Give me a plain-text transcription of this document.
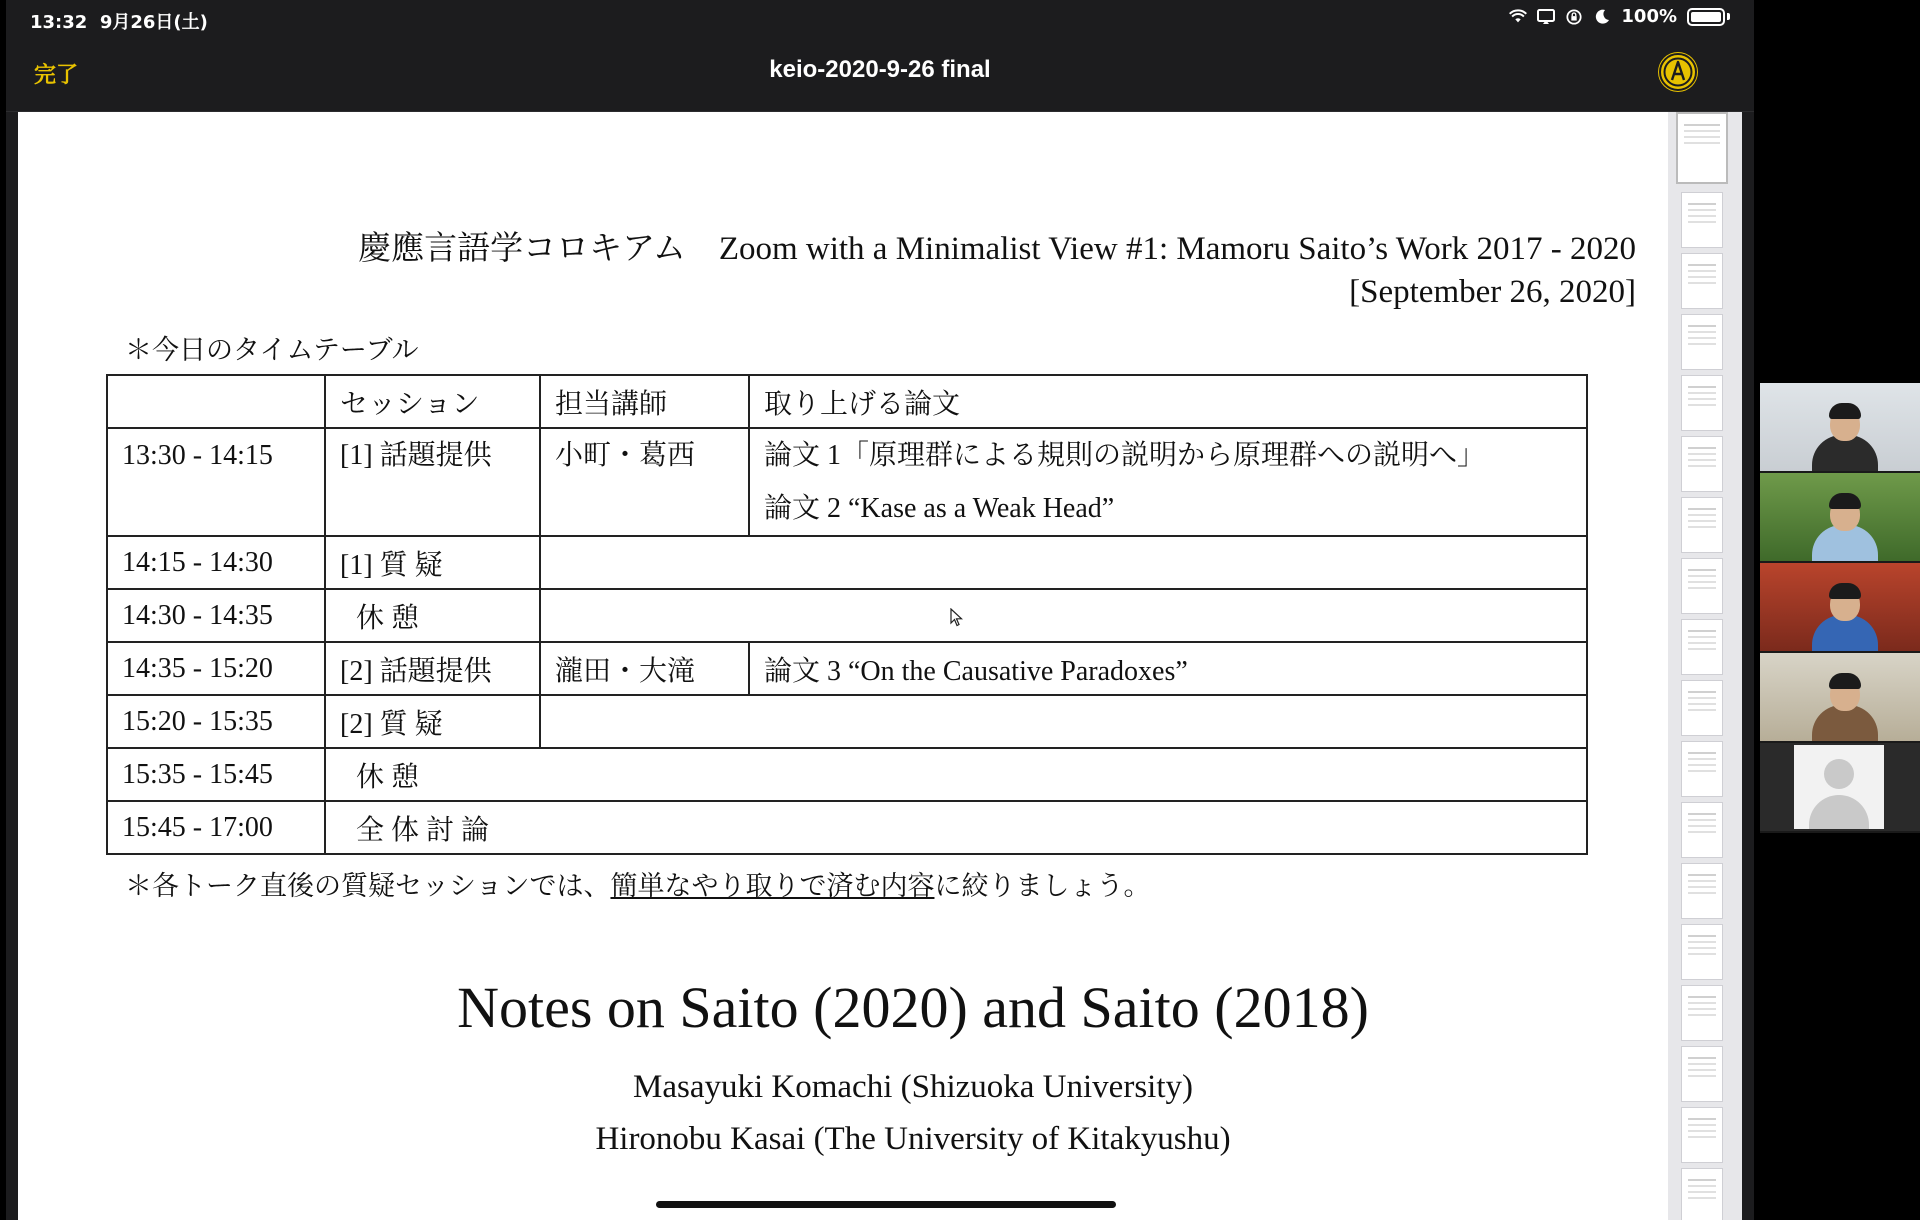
13:32 9月26日(土)	100%
完了	keio-2020-9-26 final
慶應言語学コロキアム　Zoom with a Minimalist View #1: Mamoru Saito’s Work 2017 - 2020
[September 26, 2020]
＊今日のタイムテーブル
	セッション	担当講師	取り上げる論文
13:30 - 14:15	[1] 話題提供	小町・葛西	論文 1「原理群による規則の説明から原理群への説明へ」
論文 2 “Kase as a Weak Head”

14:15 - 14:30	[1] 質 疑		
14:30 - 14:35	休 憩	
14:35 - 15:20	[2] 話題提供	瀧田・大滝	論文 3 “On the Causative Paradoxes”
15:20 - 15:35	[2] 質 疑		
15:35 - 15:45	休 憩		
15:45 - 17:00	全 体 討 論		
＊各トーク直後の質疑セッションでは、簡単なやり取りで済む内容に絞りましょう。
Notes on Saito (2020) and Saito (2018)
Masayuki Komachi (Shizuoka University)
Hironobu Kasai (The University of Kitakyushu)
